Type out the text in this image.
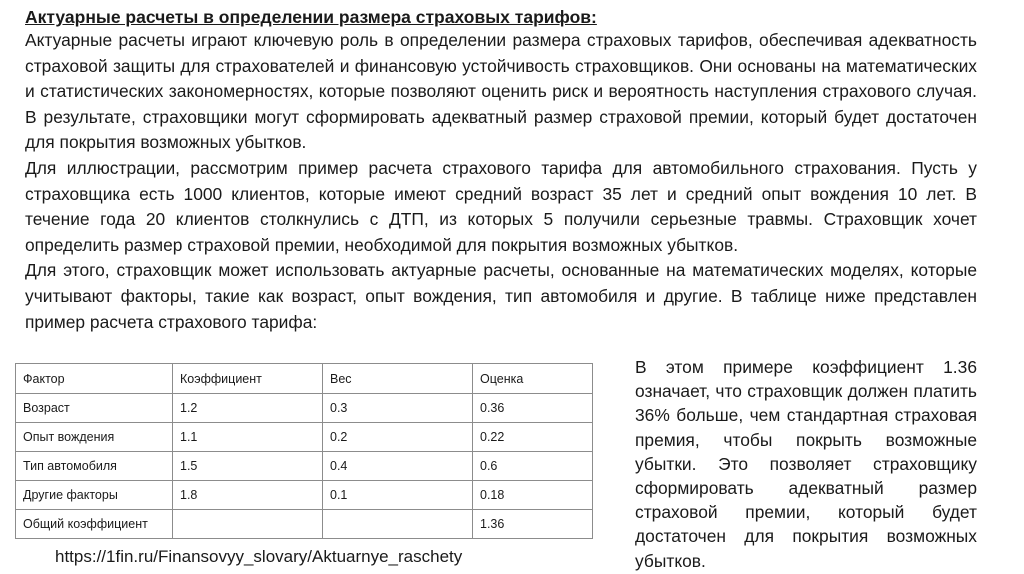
Актуарные расчеты в определении размера страховых тарифов:

Актуарные расчеты играют ключевую роль в определении размера страховых тарифов, обеспечивая адекватность страховой защиты для страхователей и финансовую устойчивость страховщиков. Они основаны на математических и статистических закономерностях, которые позволяют оценить риск и вероятность наступления страхового случая. В результате, страховщики могут сформировать адекватный размер страховой премии, который будет достаточен для покрытия возможных убытков.

Для иллюстрации, рассмотрим пример расчета страхового тарифа для автомобильного страхования. Пусть у страховщика есть 1000 клиентов, которые имеют средний возраст 35 лет и средний опыт вождения 10 лет. В течение года 20 клиентов столкнулись с ДТП, из которых 5 получили серьезные травмы. Страховщик хочет определить размер страховой премии, необходимой для покрытия возможных убытков.

Для этого, страховщик может использовать актуарные расчеты, основанные на математических моделях, которые учитывают факторы, такие как возраст, опыт вождения, тип автомобиля и другие. В таблице ниже представлен пример расчета страхового тарифа:

Фактор	Коэффициент	Вес	Оценка
Возраст	1.2	0.3	0.36
Опыт вождения	1.1	0.2	0.22
Тип автомобиля	1.5	0.4	0.6
Другие факторы	1.8	0.1	0.18
Общий коэффициент			1.36
https://1fin.ru/Finansovyy_slovary/Aktuarnye_raschety
В этом примере коэффициент 1.36 означает, что страховщик должен платить 36% больше, чем стандартная страховая премия, чтобы покрыть возможные убытки. Это позволяет страховщику сформировать адекватный размер страховой премии, который будет достаточен для покрытия возможных убытков.
